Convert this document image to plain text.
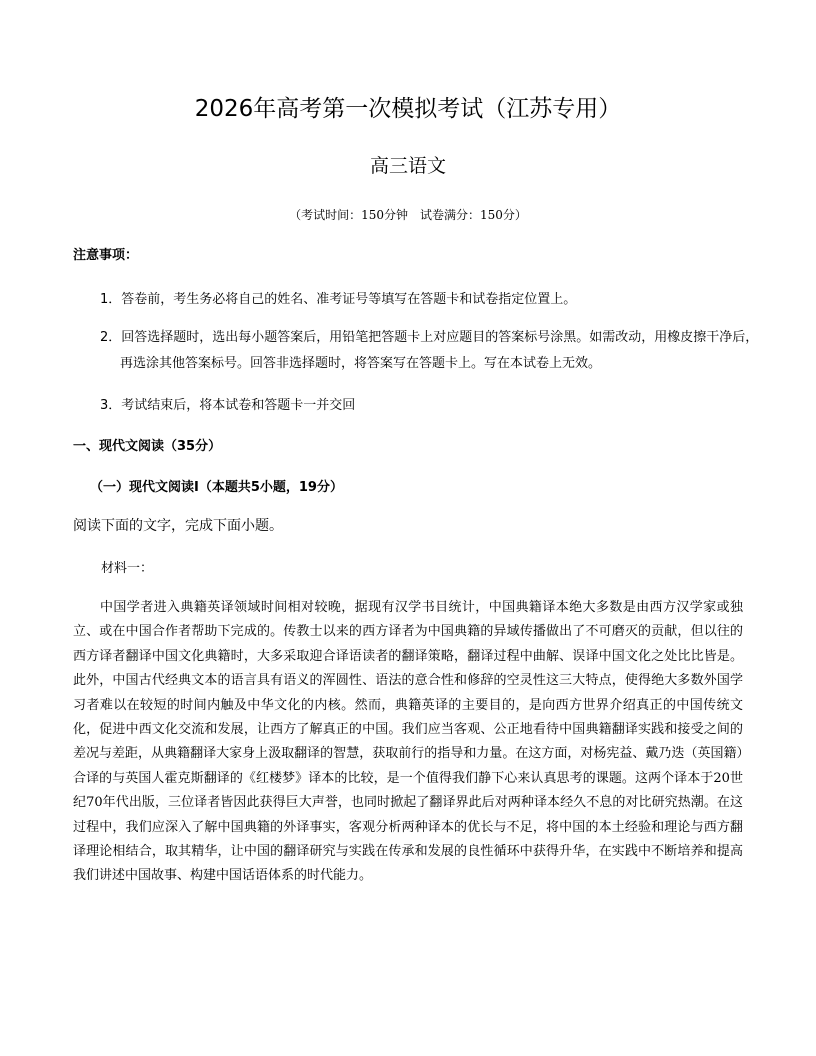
2026年高考第一次模拟考试（江苏专用）
高三语文
（考试时间：150分钟　试卷满分：150分）
注意事项：
1．答卷前，考生务必将自己的姓名、准考证号等填写在答题卡和试卷指定位置上。
2．回答选择题时，选出每小题答案后，用铅笔把答题卡上对应题目的答案标号涂黑。如需改动，用橡皮擦干净后，再选涂其他答案标号。回答非选择题时，将答案写在答题卡上。写在本试卷上无效。
3．考试结束后，将本试卷和答题卡一并交回
一、现代文阅读（35分）
（一）现代文阅读Ⅰ（本题共5小题，19分）
阅读下面的文字，完成下面小题。
材料一：
中国学者进入典籍英译领域时间相对较晚，据现有汉学书目统计，中国典籍译本绝大多数是由西方汉学家或独立、或在中国合作者帮助下完成的。传教士以来的西方译者为中国典籍的异域传播做出了不可磨灭的贡献，但以往的西方译者翻译中国文化典籍时，大多采取迎合译语读者的翻译策略，翻译过程中曲解、误译中国文化之处比比皆是。此外，中国古代经典文本的语言具有语义的浑圆性、语法的意合性和修辞的空灵性这三大特点，使得绝大多数外国学习者难以在较短的时间内触及中华文化的内核。然而，典籍英译的主要目的，是向西方世界介绍真正的中国传统文化，促进中西文化交流和发展，让西方了解真正的中国。我们应当客观、公正地看待中国典籍翻译实践和接受之间的差况与差距，从典籍翻译大家身上汲取翻译的智慧，获取前行的指导和力量。在这方面，对杨宪益、戴乃迭（英国籍）合译的与英国人霍克斯翻译的《红楼梦》译本的比较，是一个值得我们静下心来认真思考的课题。这两个译本于20世纪70年代出版，三位译者皆因此获得巨大声誉，也同时掀起了翻译界此后对两种译本经久不息的对比研究热潮。在这过程中，我们应深入了解中国典籍的外译事实，客观分析两种译本的优长与不足，将中国的本土经验和理论与西方翻译理论相结合，取其精华，让中国的翻译研究与实践在传承和发展的良性循环中获得升华，在实践中不断培养和提高我们讲述中国故事、构建中国话语体系的时代能力。
